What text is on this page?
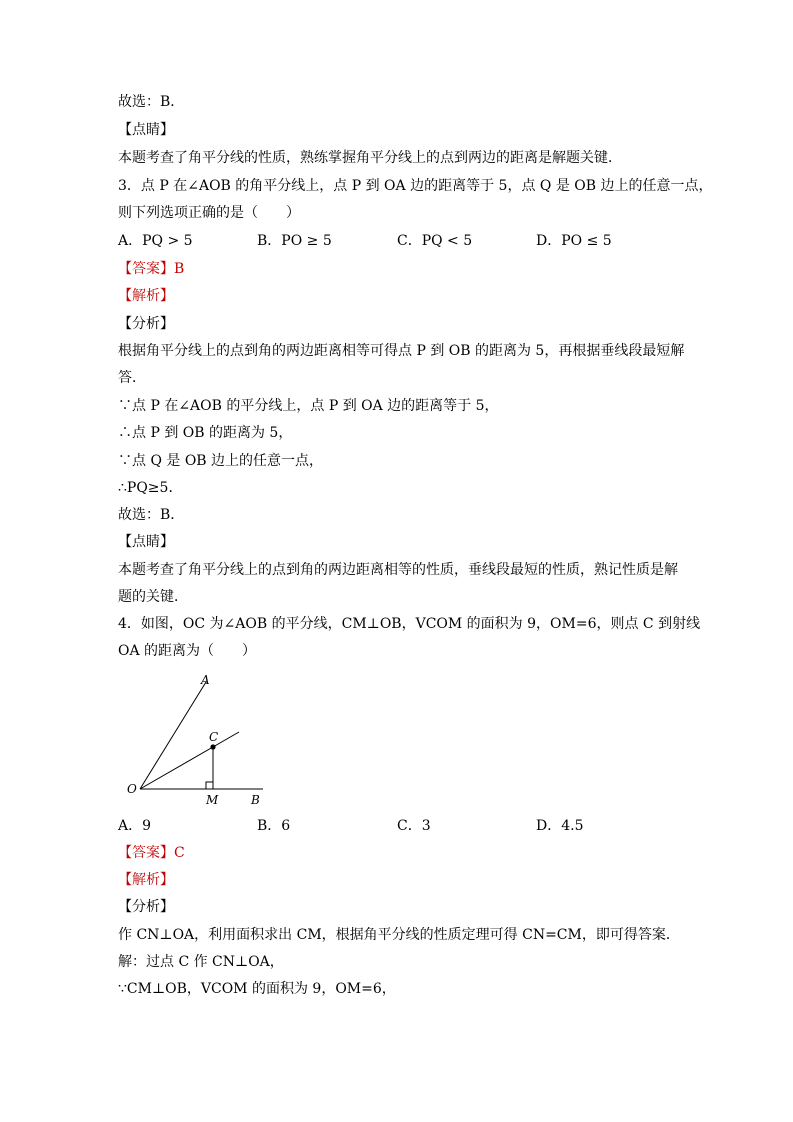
故选：B．
【点睛】
本题考查了角平分线的性质，熟练掌握角平分线上的点到两边的距离是解题关键．
3．点 P 在∠AOB 的角平分线上，点 P 到 OA 边的距离等于 5，点 Q 是 OB 边上的任意一点，
则下列选项正确的是（　　）
A．PQ > 5	B．PO ≥ 5	C．PQ < 5	D．PO ≤ 5
【答案】B
【解析】
【分析】
根据角平分线上的点到角的两边距离相等可得点 P 到 OB 的距离为 5，再根据垂线段最短解
答．
∵点 P 在∠AOB 的平分线上，点 P 到 OA 边的距离等于 5，
∴点 P 到 OB 的距离为 5，
∵点 Q 是 OB 边上的任意一点，
∴PQ≥5．
故选：B．
【点睛】
本题考查了角平分线上的点到角的两边距离相等的性质，垂线段最短的性质，熟记性质是解
题的关键．
4．如图，OC 为∠AOB 的平分线，CM⊥OB，VCOM 的面积为 9，OM=6，则点 C 到射线
OA 的距离为（　　）
A
C
O
M	B
A．9	B．6	C．3	D．4.5
【答案】C
【解析】
【分析】
作 CN⊥OA，利用面积求出 CM，根据角平分线的性质定理可得 CN=CM，即可得答案．
解：过点 C 作 CN⊥OA，
∵CM⊥OB，VCOM 的面积为 9，OM=6，
